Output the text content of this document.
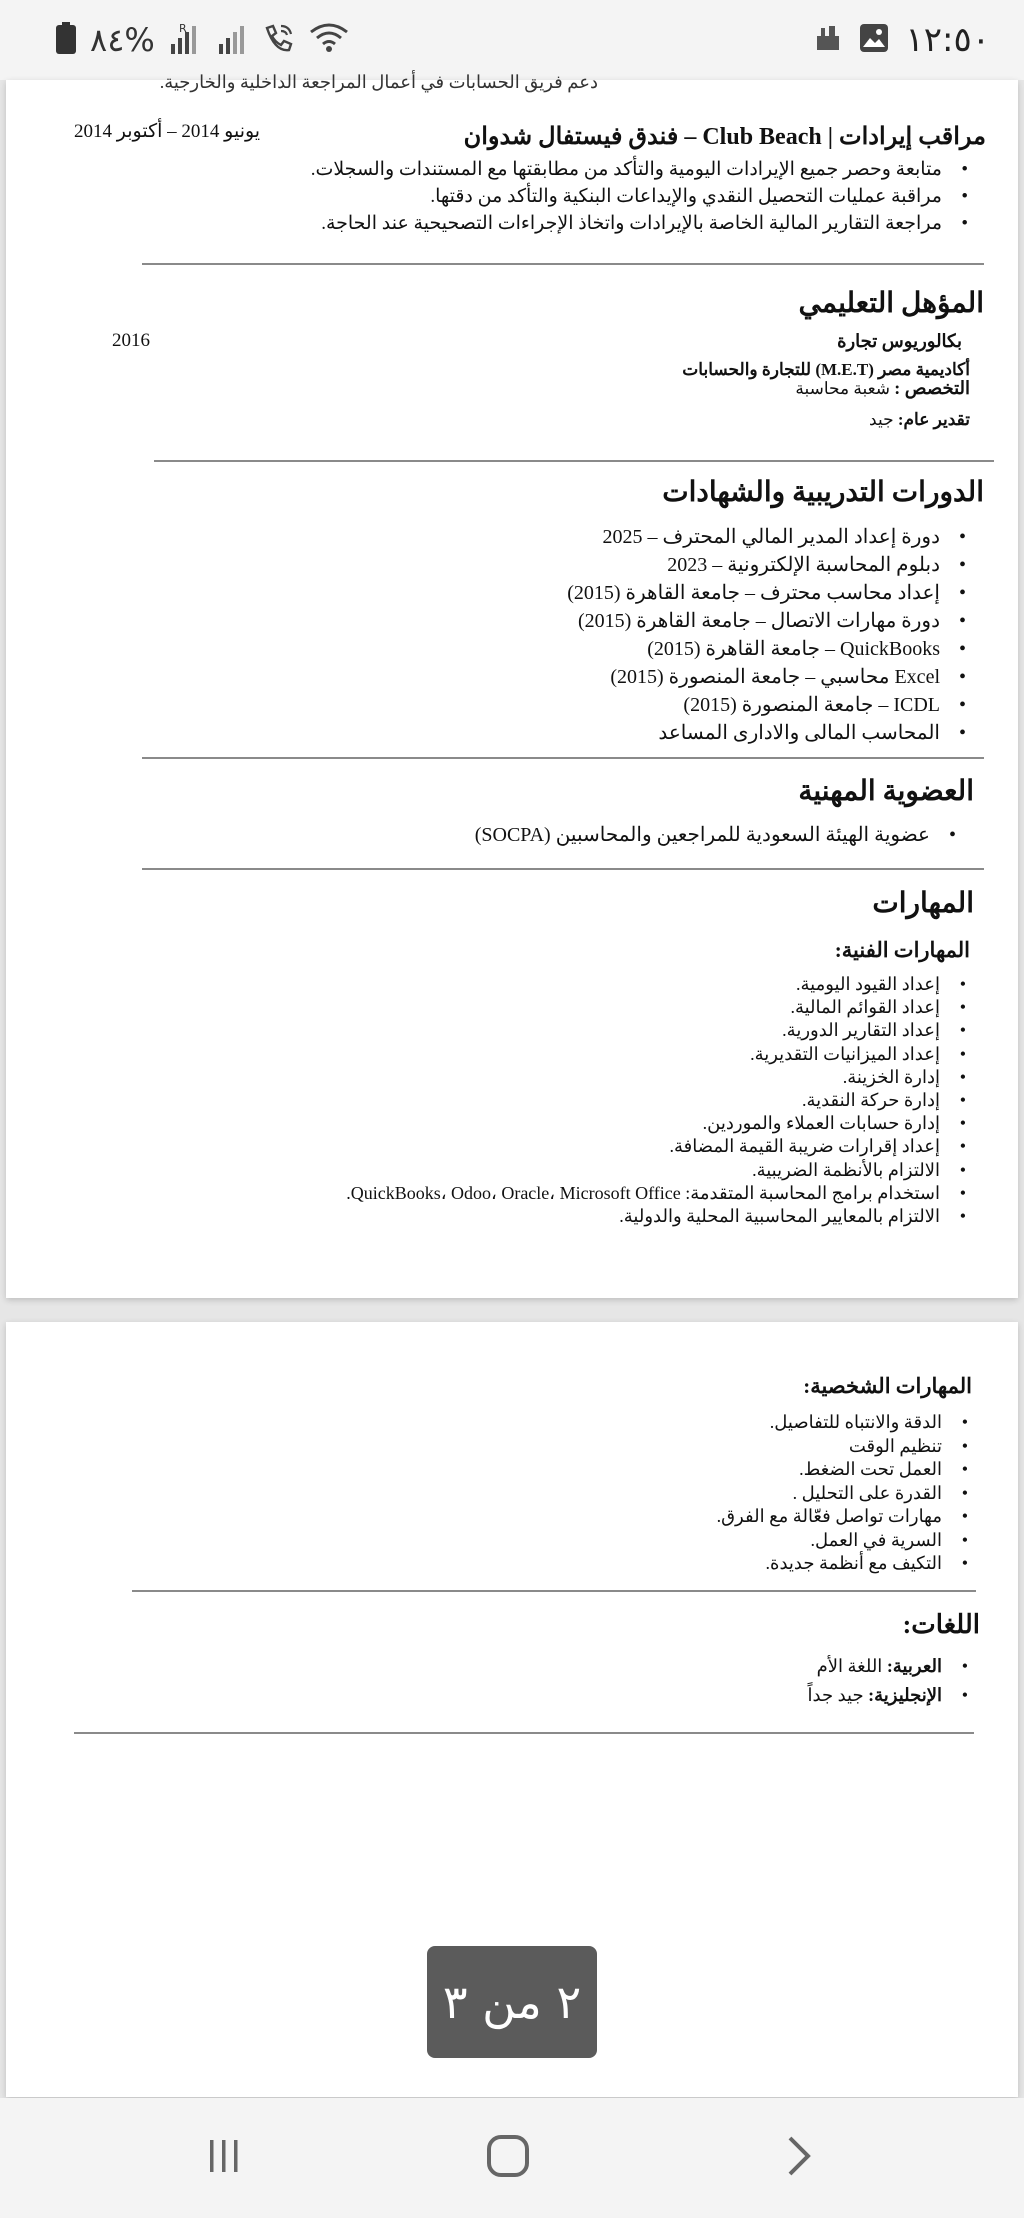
٨٤% R	١٢:٥٠
دعم فريق الحسابات في أعمال المراجعة الداخلية والخارجية.
مراقب إيرادات | Club Beach – فندق فيستفال شدوان
يونيو 2014 – أكتوبر 2014
• متابعة وحصر جميع الإيرادات اليومية والتأكد من مطابقتها مع المستندات والسجلات.
• مراقبة عمليات التحصيل النقدي والإيداعات البنكية والتأكد من دقتها.
• مراجعة التقارير المالية الخاصة بالإيرادات واتخاذ الإجراءات التصحيحية عند الحاجة.
المؤهل التعليمي
بكالوريوس تجارة
2016
أكاديمية مصر (M.E.T) للتجارة والحسابات
التخصص : شعبة محاسبة
تقدير عام: جيد
الدورات التدريبية والشهادات
• دورة إعداد المدير المالي المحترف – 2025
• دبلوم المحاسبة الإلكترونية – 2023
• إعداد محاسب محترف – جامعة القاهرة (2015)
• دورة مهارات الاتصال – جامعة القاهرة (2015)
• QuickBooks – جامعة القاهرة (2015)
• Excel محاسبي – جامعة المنصورة (2015)
• ICDL – جامعة المنصورة (2015)
• المحاسب المالى والادارى المساعد
العضوية المهنية
• عضوية الهيئة السعودية للمراجعين والمحاسبين (SOCPA)
المهارات
المهارات الفنية:
• إعداد القيود اليومية.
• إعداد القوائم المالية.
• إعداد التقارير الدورية.
• إعداد الميزانيات التقديرية.
• إدارة الخزينة.
• إدارة حركة النقدية.
• إدارة حسابات العملاء والموردين.
• إعداد إقرارات ضريبة القيمة المضافة.
• الالتزام بالأنظمة الضريبية.
• استخدام برامج المحاسبة المتقدمة: QuickBooks، Odoo، Oracle، Microsoft Office.
• الالتزام بالمعايير المحاسبية المحلية والدولية.
المهارات الشخصية:
• الدقة والانتباه للتفاصيل.
• تنظيم الوقت
• العمل تحت الضغط.
• القدرة على التحليل .
• مهارات تواصل فعّالة مع الفرق.
• السرية في العمل.
• التكيف مع أنظمة جديدة.
اللغات:
• العربية: اللغة الأم
• الإنجليزية: جيد جداً
٢ من ٣
